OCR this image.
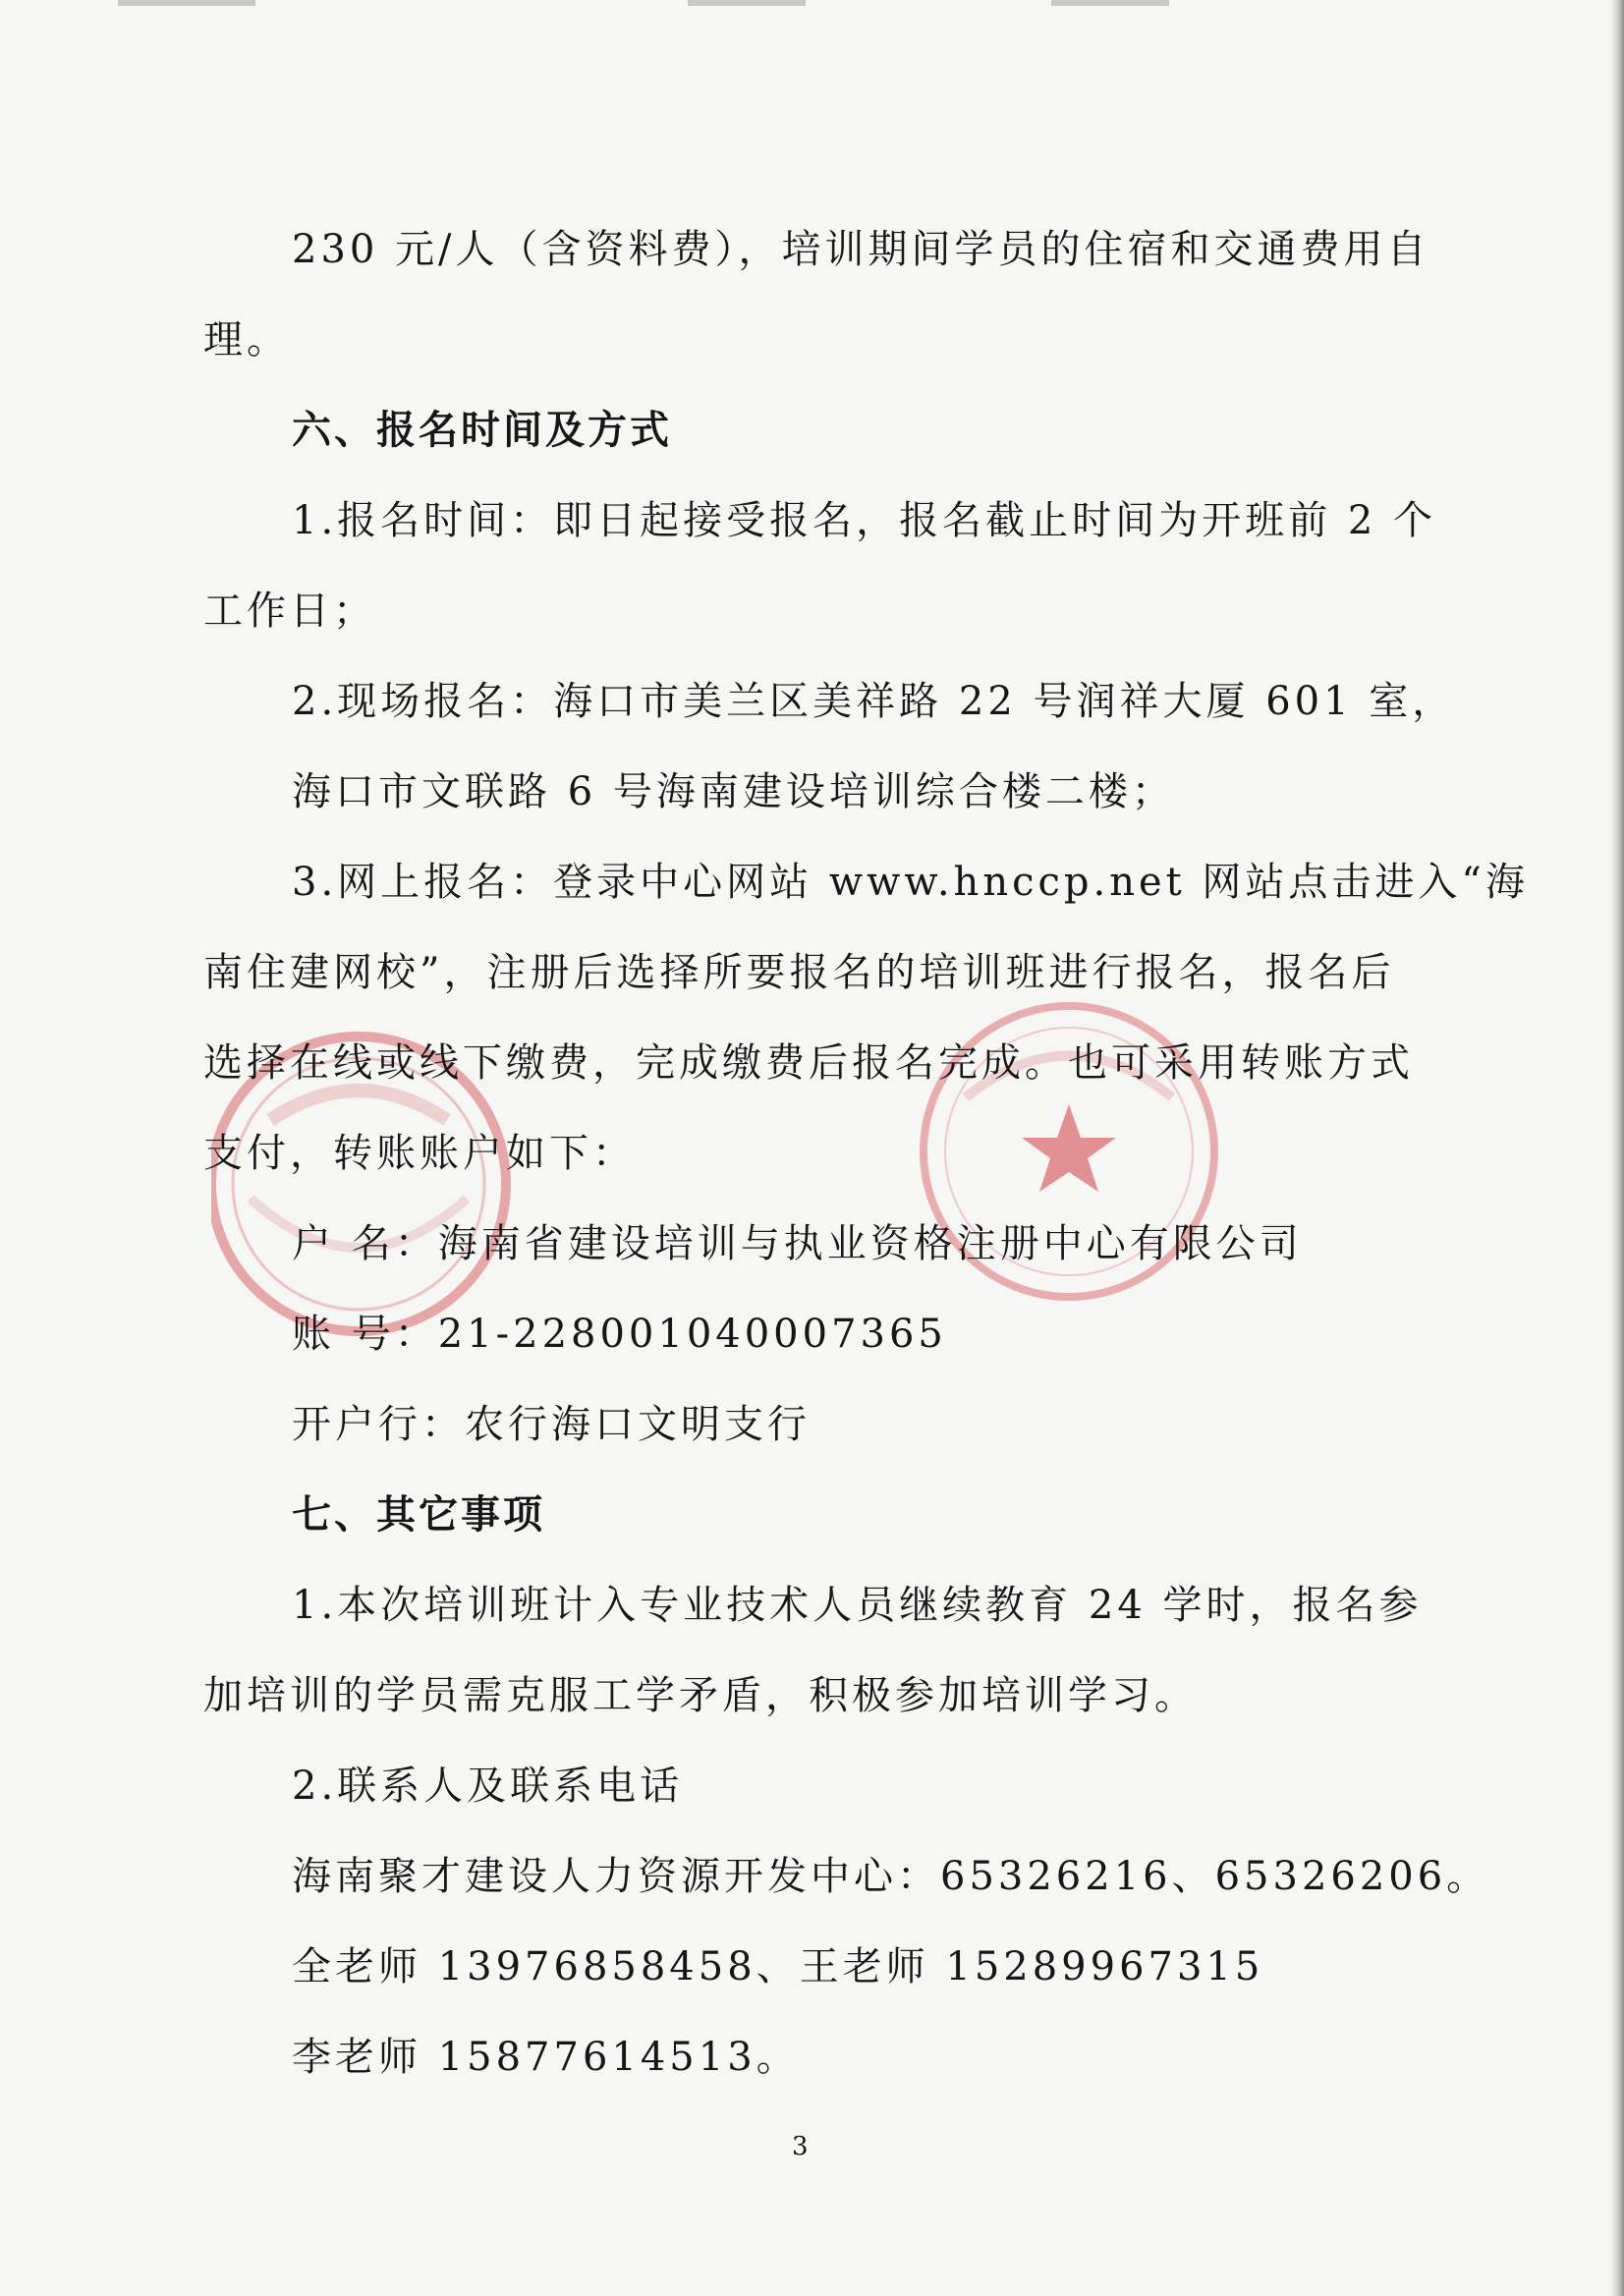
230 元/人（含资料费），培训期间学员的住宿和交通费用自
理。
六、报名时间及方式
1.报名时间：即日起接受报名，报名截止时间为开班前 2 个
工作日；
2.现场报名：海口市美兰区美祥路 22 号润祥大厦 601 室，
海口市文联路 6 号海南建设培训综合楼二楼；
3.网上报名：登录中心网站 www.hnccp.net 网站点击进入“海
南住建网校”，注册后选择所要报名的培训班进行报名，报名后
选择在线或线下缴费，完成缴费后报名完成。也可采用转账方式
支付，转账账户如下：
户 名：海南省建设培训与执业资格注册中心有限公司
账 号：21-228001040007365
开户行：农行海口文明支行
七、其它事项
1.本次培训班计入专业技术人员继续教育 24 学时，报名参
加培训的学员需克服工学矛盾，积极参加培训学习。
2.联系人及联系电话
海南聚才建设人力资源开发中心：65326216、65326206。
全老师 13976858458、王老师 15289967315
李老师 15877614513。
3
